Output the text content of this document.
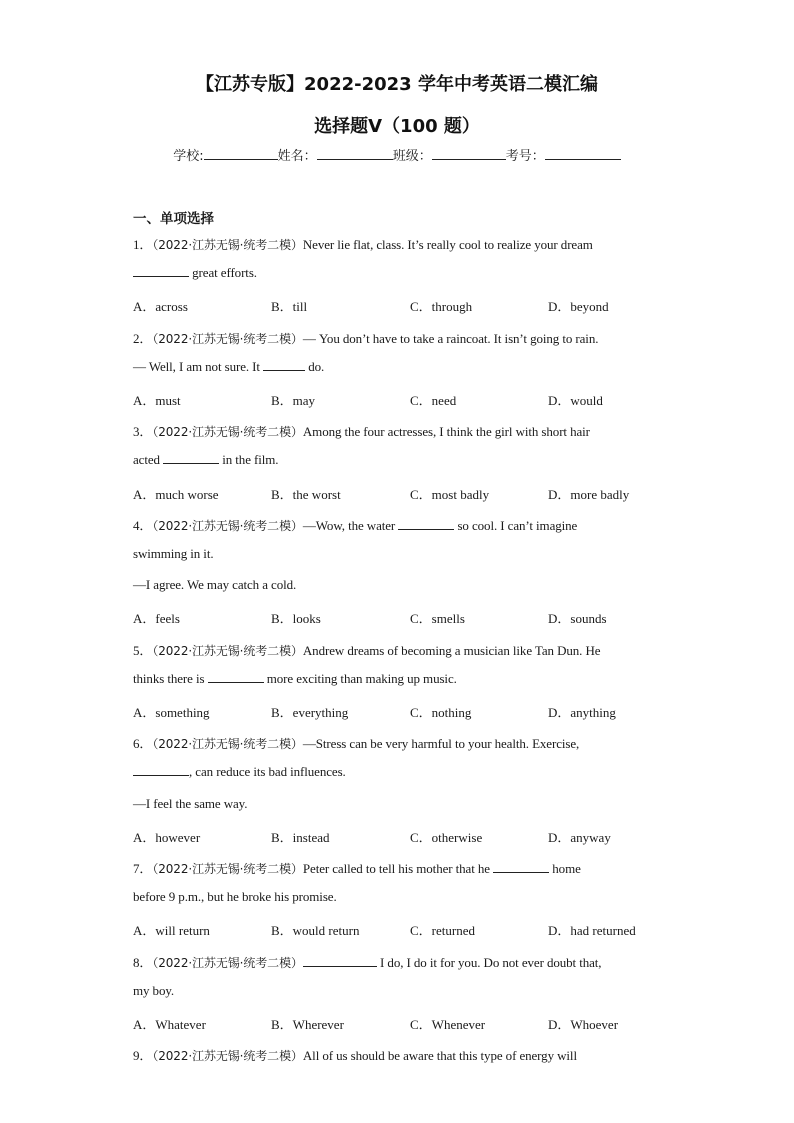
【江苏专版】2022-2023 学年中考英语二模汇编
选择题Ⅴ（100 题）
学校:	姓名：	班级：	考号：
一、单项选择
1．（2022·江苏无锡·统考二模）Never lie flat, class. It’s really cool to realize your dream
great efforts.
A．across	B．till	C．through	D．beyond
2．（2022·江苏无锡·统考二模）— You don’t have to take a raincoat. It isn’t going to rain.
— Well, I am not sure. It	do.
A．must	B．may	C．need	D．would
3．（2022·江苏无锡·统考二模）Among the four actresses, I think the girl with short hair
acted	in the film.
A．much worse	B．the worst	C．most badly	D．more badly
4．（2022·江苏无锡·统考二模）—Wow, the water	so cool. I can’t imagine
swimming in it.
—I agree. We may catch a cold.
A．feels	B．looks	C．smells	D．sounds
5．（2022·江苏无锡·统考二模）Andrew dreams of becoming a musician like Tan Dun. He
thinks there is	more exciting than making up music.
A．something	B．everything	C．nothing	D．anything
6．（2022·江苏无锡·统考二模）—Stress can be very harmful to your health. Exercise,
, can reduce its bad influences.
—I feel the same way.
A．however	B．instead	C．otherwise	D．anyway
7．（2022·江苏无锡·统考二模）Peter called to tell his mother that he	home
before 9 p.m., but he broke his promise.
A．will return	B．would return	C．returned	D．had returned
8．（2022·江苏无锡·统考二模）	I do, I do it for you. Do not ever doubt that,
my boy.
A．Whatever	B．Wherever	C．Whenever	D．Whoever
9．（2022·江苏无锡·统考二模）All of us should be aware that this type of energy will
